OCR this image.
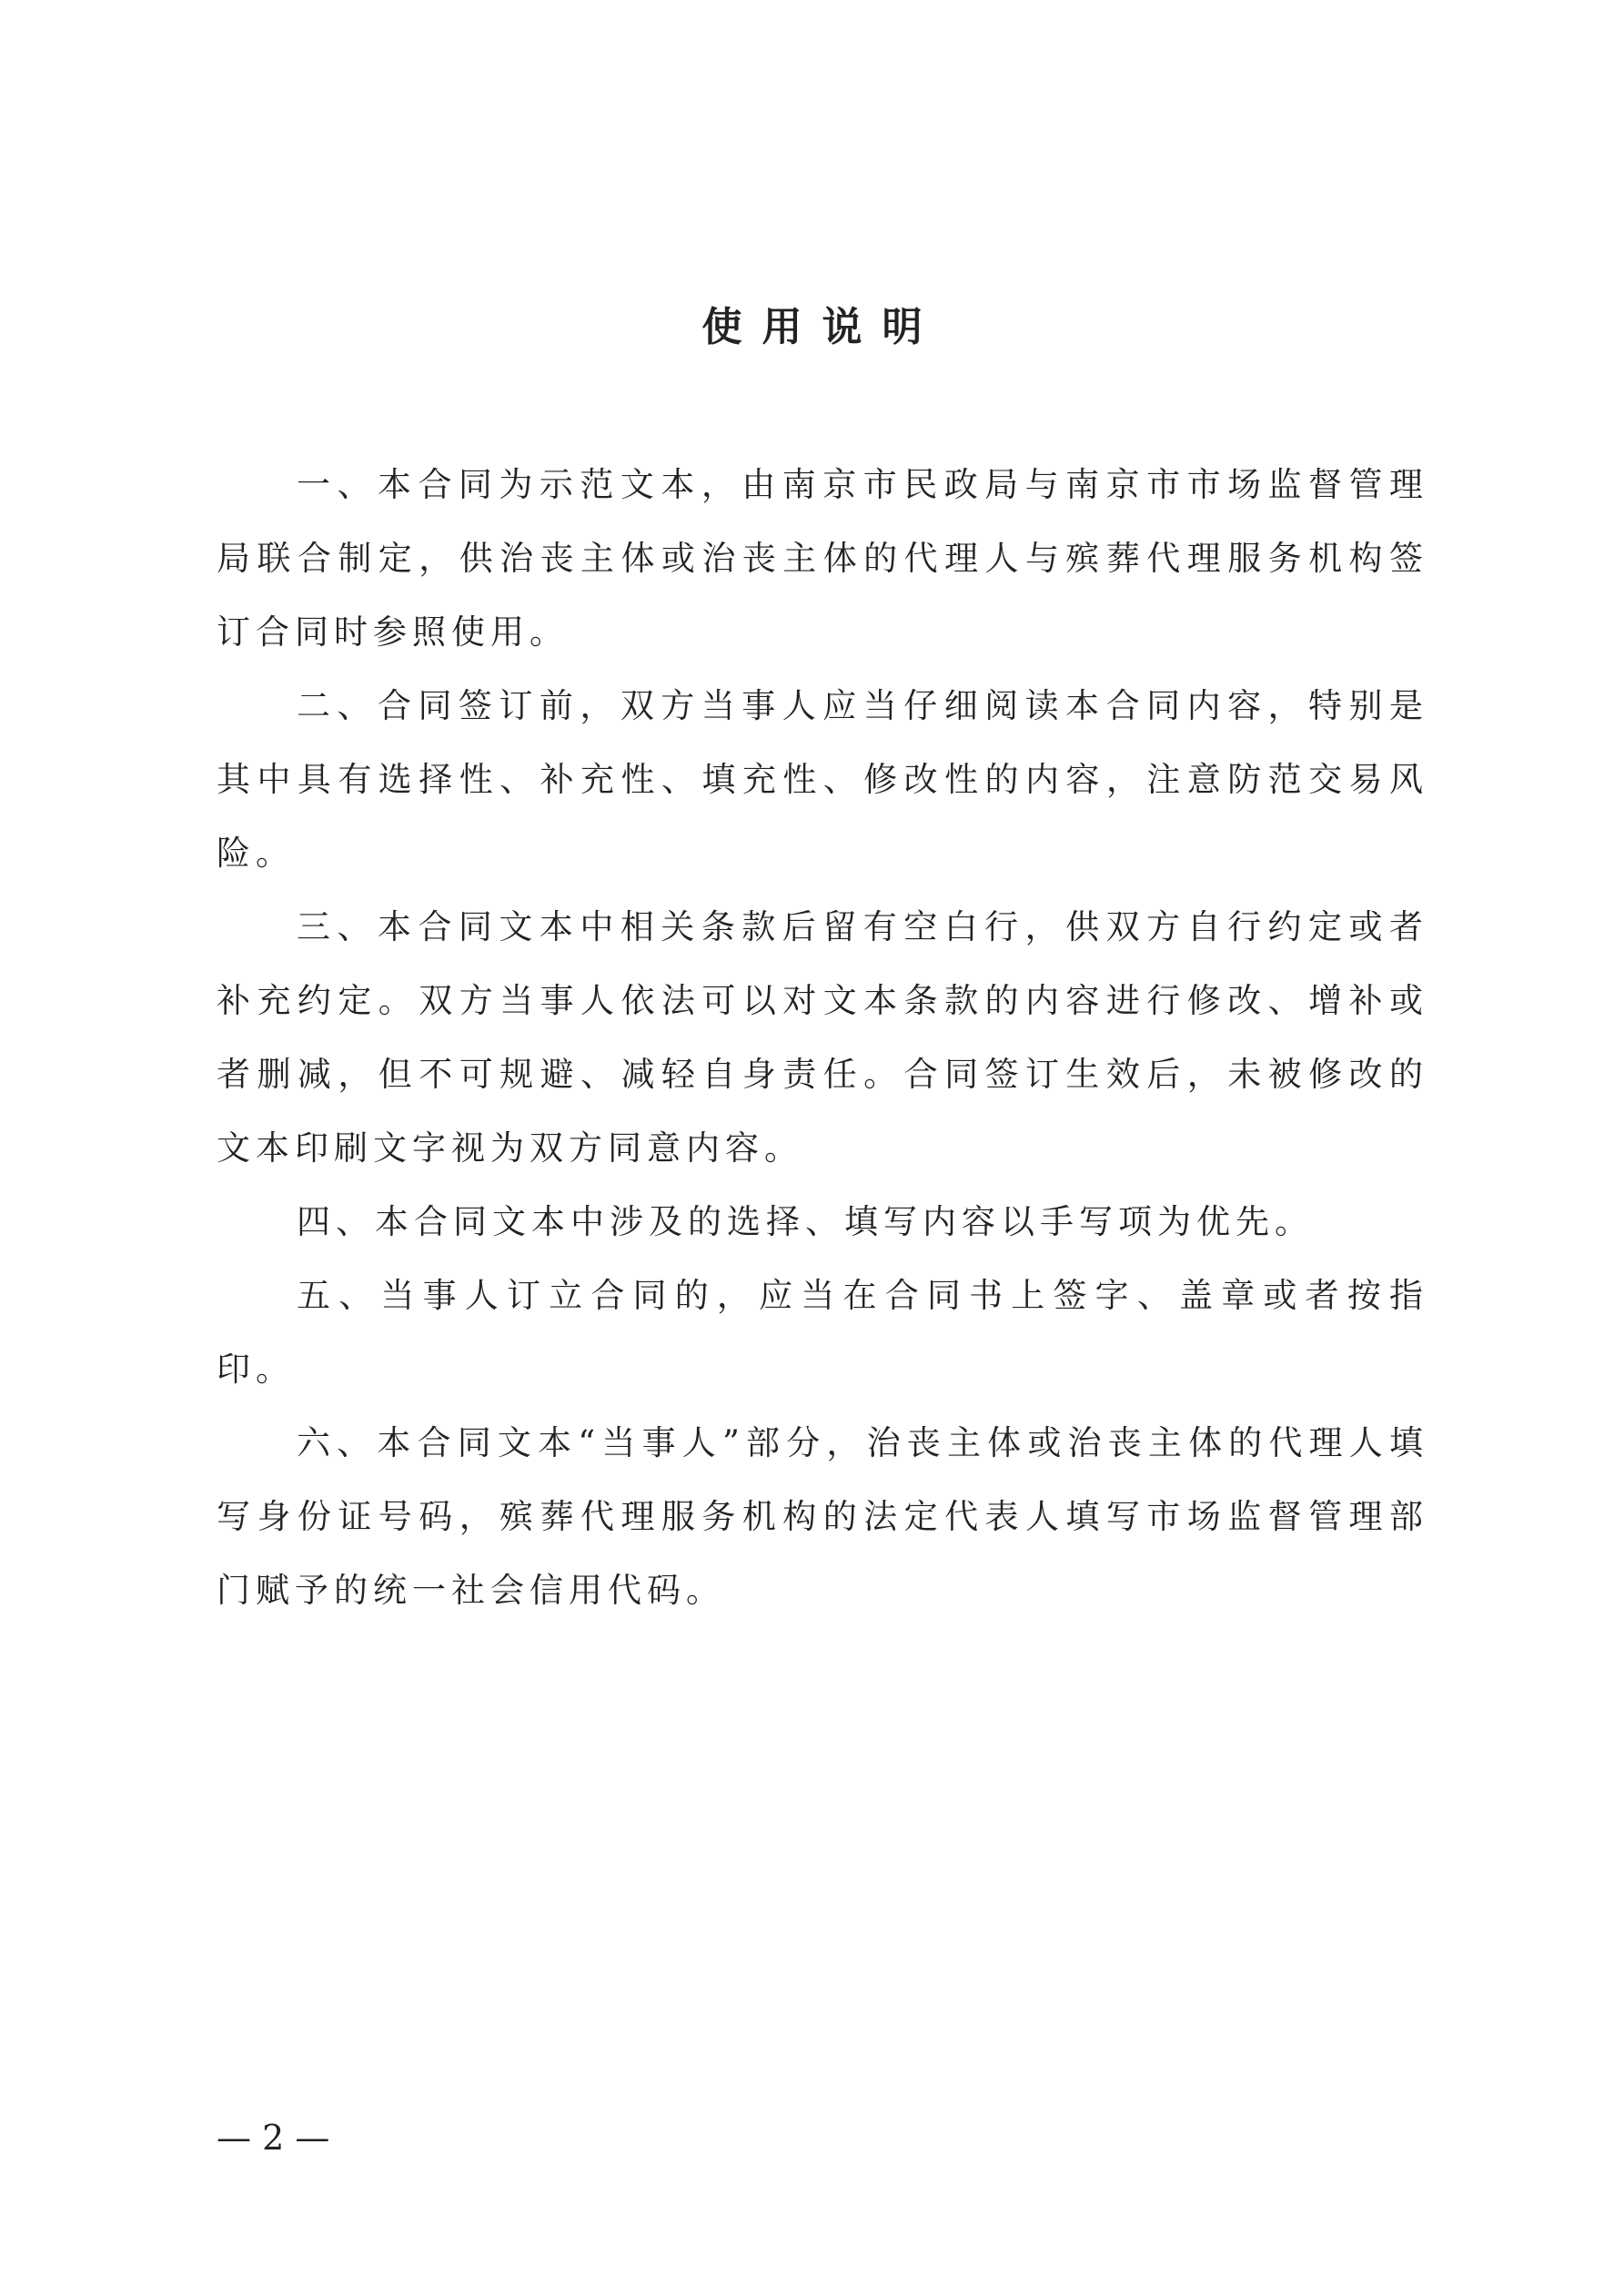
使用说明

一、本合同为示范文本，由南京市民政局与南京市市场监督管理局联合制定，供治丧主体或治丧主体的代理人与殡葬代理服务机构签订合同时参照使用。

二、合同签订前，双方当事人应当仔细阅读本合同内容，特别是其中具有选择性、补充性、填充性、修改性的内容，注意防范交易风险。

三、本合同文本中相关条款后留有空白行，供双方自行约定或者补充约定。双方当事人依法可以对文本条款的内容进行修改、增补或者删减，但不可规避、减轻自身责任。合同签订生效后，未被修改的文本印刷文字视为双方同意内容。

四、本合同文本中涉及的选择、填写内容以手写项为优先。

五、当事人订立合同的，应当在合同书上签字、盖章或者按指印。

六、本合同文本“当事人”部分，治丧主体或治丧主体的代理人填写身份证号码，殡葬代理服务机构的法定代表人填写市场监督管理部门赋予的统一社会信用代码。

— 2 —
